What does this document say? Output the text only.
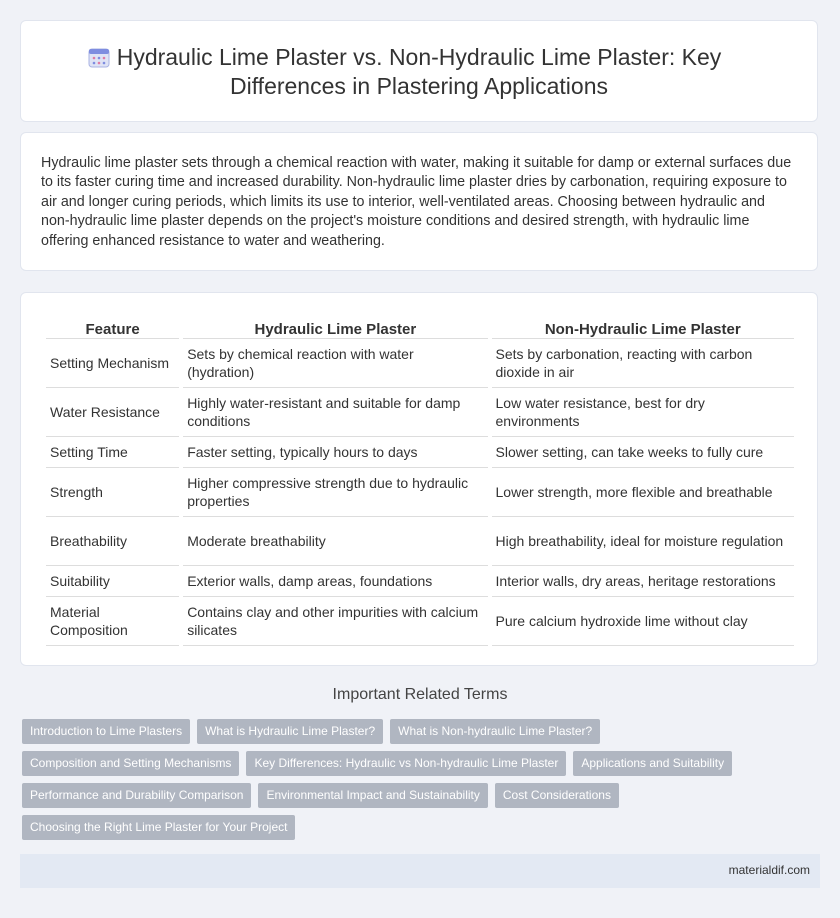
Hydraulic Lime Plaster vs. Non-Hydraulic Lime Plaster: Key Differences in Plastering Applications

Hydraulic lime plaster sets through a chemical reaction with water, making it suitable for damp or external surfaces due to its faster curing time and increased durability. Non-hydraulic lime plaster dries by carbonation, requiring exposure to air and longer curing periods, which limits its use to interior, well-ventilated areas. Choosing between hydraulic and non-hydraulic lime plaster depends on the project's moisture conditions and desired strength, with hydraulic lime offering enhanced resistance to water and weathering.

Feature	Hydraulic Lime Plaster	Non-Hydraulic Lime Plaster
Setting Mechanism	Sets by chemical reaction with water (hydration)	Sets by carbonation, reacting with carbon dioxide in air
Water Resistance	Highly water-resistant and suitable for damp conditions	Low water resistance, best for dry environments
Setting Time	Faster setting, typically hours to days	Slower setting, can take weeks to fully cure
Strength	Higher compressive strength due to hydraulic properties	Lower strength, more flexible and breathable
Breathability	Moderate breathability	High breathability, ideal for moisture regulation
Suitability	Exterior walls, damp areas, foundations	Interior walls, dry areas, heritage restorations
Material Composition	Contains clay and other impurities with calcium silicates	Pure calcium hydroxide lime without clay
Important Related Terms
Introduction to Lime Plasters	What is Hydraulic Lime Plaster?	What is Non-hydraulic Lime Plaster?
Composition and Setting Mechanisms	Key Differences: Hydraulic vs Non-hydraulic Lime Plaster	Applications and Suitability
Performance and Durability Comparison	Environmental Impact and Sustainability	Cost Considerations
Choosing the Right Lime Plaster for Your Project
materialdif.com
